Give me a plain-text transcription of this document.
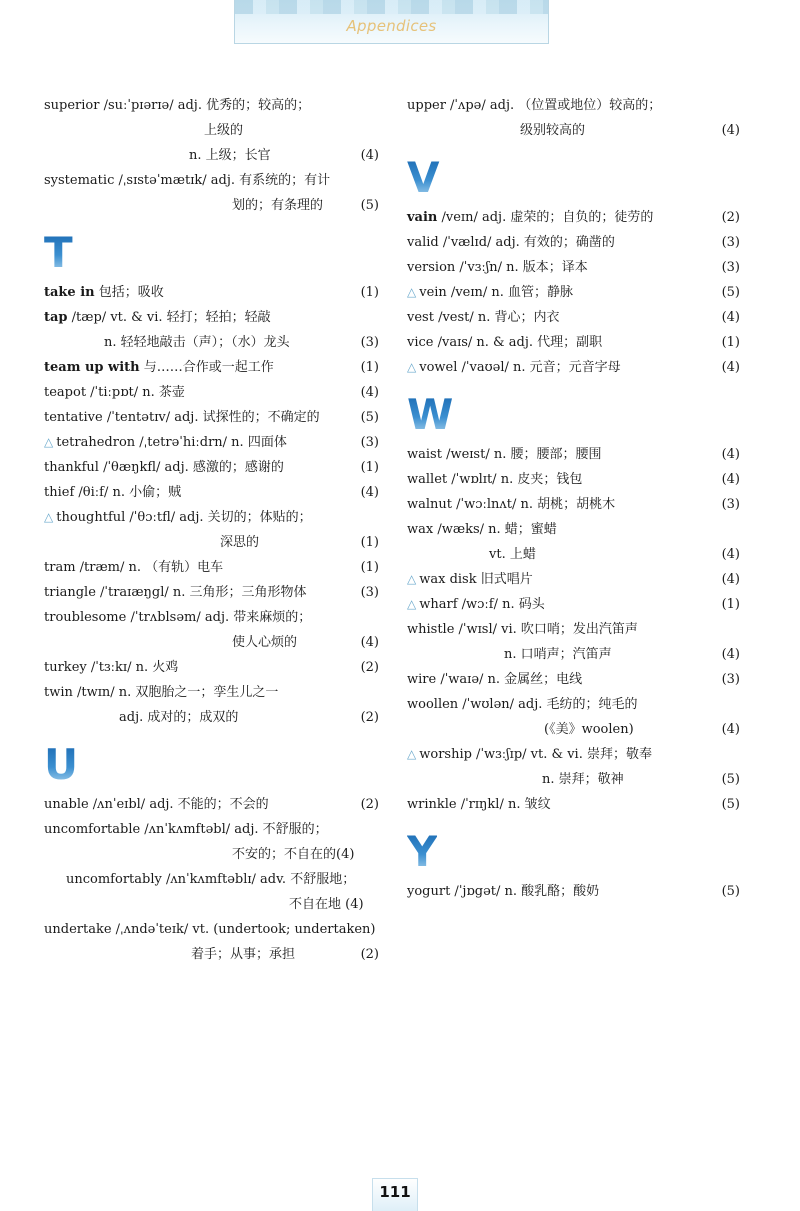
Appendices
superior /suːˈpɪərɪə/ adj. 优秀的；较高的；
上级的
n. 上级；长官	(4)
systematic /ˌsɪstəˈmætɪk/ adj. 有系统的；有计
划的；有条理的	(5)
T
take in 包括；吸收	(1)
tap /tæp/ vt. & vi. 轻打；轻拍；轻敲
n. 轻轻地敲击（声）；（水）龙头	(3)
team up with 与……合作或一起工作	(1)
teapot /ˈtiːpɒt/ n. 茶壶	(4)
tentative /ˈtentətɪv/ adj. 试探性的；不确定的	(5)
△ tetrahedron /ˌtetrəˈhiːdrn/ n. 四面体	(3)
thankful /ˈθæŋkfl/ adj. 感激的；感谢的	(1)
thief /θiːf/ n. 小偷；贼	(4)
△ thoughtful /ˈθɔːtfl/ adj. 关切的；体贴的；
深思的	(1)
tram /træm/ n. （有轨）电车	(1)
triangle /ˈtraɪæŋgl/ n. 三角形；三角形物体	(3)
troublesome /ˈtrʌblsəm/ adj. 带来麻烦的；
使人心烦的	(4)
turkey /ˈtɜːkɪ/ n. 火鸡	(2)
twin /twɪn/ n. 双胞胎之一；孪生儿之一
adj. 成对的；成双的	(2)
U
unable /ʌnˈeɪbl/ adj. 不能的；不会的	(2)
uncomfortable /ʌnˈkʌmftəbl/ adj. 不舒服的；
不安的；不自在的(4)
uncomfortably /ʌnˈkʌmftəblɪ/ adv. 不舒服地；
不自在地 (4)
undertake /ˌʌndəˈteɪk/ vt. (undertook; undertaken)
着手；从事；承担	(2)
upper /ˈʌpə/ adj. （位置或地位）较高的；
级别较高的	(4)
V
vain /veɪn/ adj. 虚荣的；自负的；徒劳的	(2)
valid /ˈvælɪd/ adj. 有效的；确凿的	(3)
version /ˈvɜːʃn/ n. 版本；译本	(3)
△ vein /veɪn/ n. 血管；静脉	(5)
vest /vest/ n. 背心；内衣	(4)
vice /vaɪs/ n. & adj. 代理；副职	(1)
△ vowel /ˈvaʊəl/ n. 元音；元音字母	(4)
W
waist /weɪst/ n. 腰；腰部；腰围	(4)
wallet /ˈwɒlɪt/ n. 皮夹；钱包	(4)
walnut /ˈwɔːlnʌt/ n. 胡桃；胡桃木	(3)
wax /wæks/ n. 蜡；蜜蜡
vt. 上蜡	(4)
△ wax disk 旧式唱片	(4)
△ wharf /wɔːf/ n. 码头	(1)
whistle /ˈwɪsl/ vi. 吹口哨；发出汽笛声
n. 口哨声；汽笛声	(4)
wire /ˈwaɪə/ n. 金属丝；电线	(3)
woollen /ˈwʊlən/ adj. 毛纺的；纯毛的
(《美》woolen)	(4)
△ worship /ˈwɜːʃɪp/ vt. & vi. 崇拜；敬奉
n. 崇拜；敬神	(5)
wrinkle /ˈrɪŋkl/ n. 皱纹	(5)
Y
yogurt /ˈjɒgət/ n. 酸乳酪；酸奶	(5)
111
